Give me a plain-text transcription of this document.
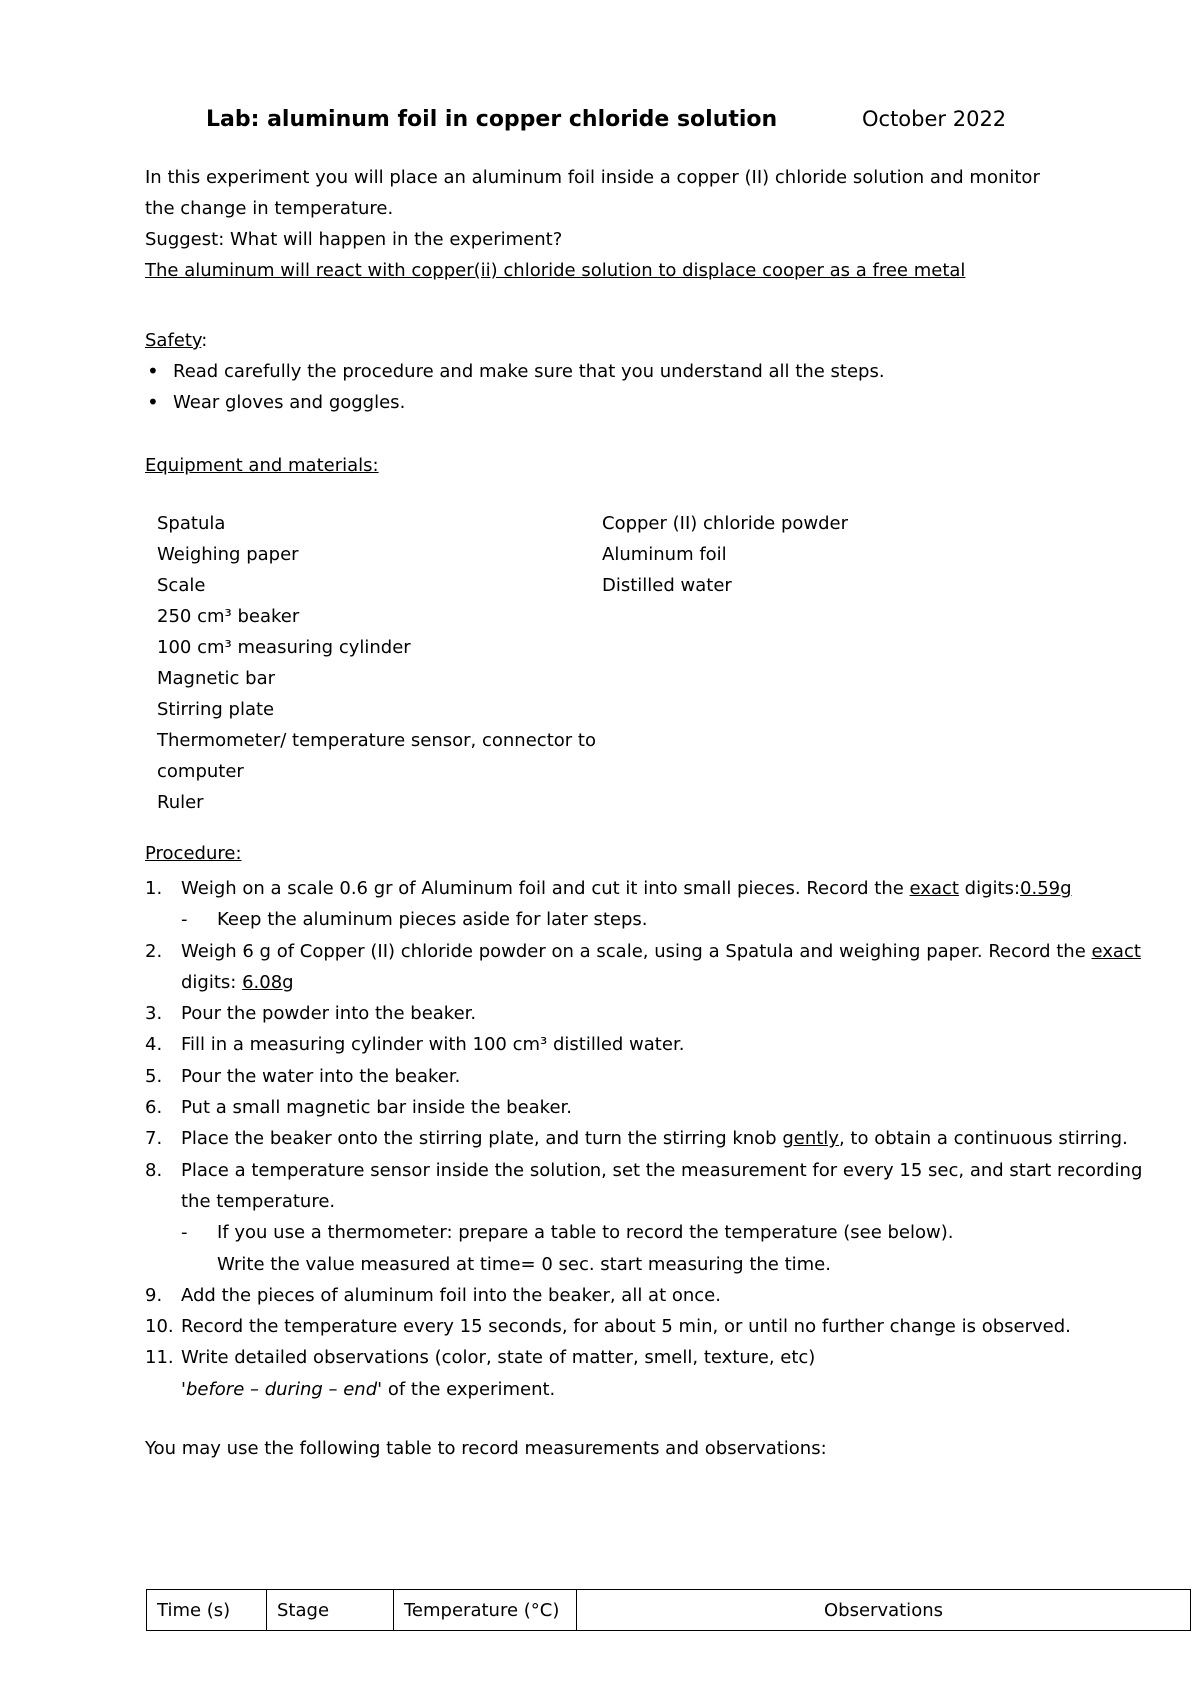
Lab: aluminum foil in copper chloride solution	October 2022

In this experiment you will place an aluminum foil inside a copper (II) chloride solution and monitor

the change in temperature.

Suggest: What will happen in the experiment?

The aluminum will react with copper(ii) chloride solution to displace cooper as a free metal

Safety:
• Read carefully the procedure and make sure that you understand all the steps.
• Wear gloves and goggles.
Equipment and materials:
Spatula
Weighing paper
Scale
250 cm³ beaker
100 cm³ measuring cylinder
Magnetic bar
Stirring plate
Thermometer/ temperature sensor, connector to computer
Ruler
Copper (II) chloride powder
Aluminum foil
Distilled water
Procedure:
1. Weigh on a scale 0.6 gr of Aluminum foil and cut it into small pieces. Record the exact digits:0.59g
- Keep the aluminum pieces aside for later steps.
2. Weigh 6 g of Copper (II) chloride powder on a scale, using a Spatula and weighing paper. Record the exact digits: 6.08g
3. Pour the powder into the beaker.
4. Fill in a measuring cylinder with 100 cm³ distilled water.
5. Pour the water into the beaker.
6. Put a small magnetic bar inside the beaker.
7. Place the beaker onto the stirring plate, and turn the stirring knob gently, to obtain a continuous stirring.
8. Place a temperature sensor inside the solution, set the measurement for every 15 sec, and start recording the temperature.
- If you use a thermometer: prepare a table to record the temperature (see below).
Write the value measured at time= 0 sec. start measuring the time.
9. Add the pieces of aluminum foil into the beaker, all at once.
10. Record the temperature every 15 seconds, for about 5 min, or until no further change is observed.
11. Write detailed observations (color, state of matter, smell, texture, etc)
'before – during – end' of the experiment.
You may use the following table to record measurements and observations:
Time (s)	Stage	Temperature (°C)	Observations
